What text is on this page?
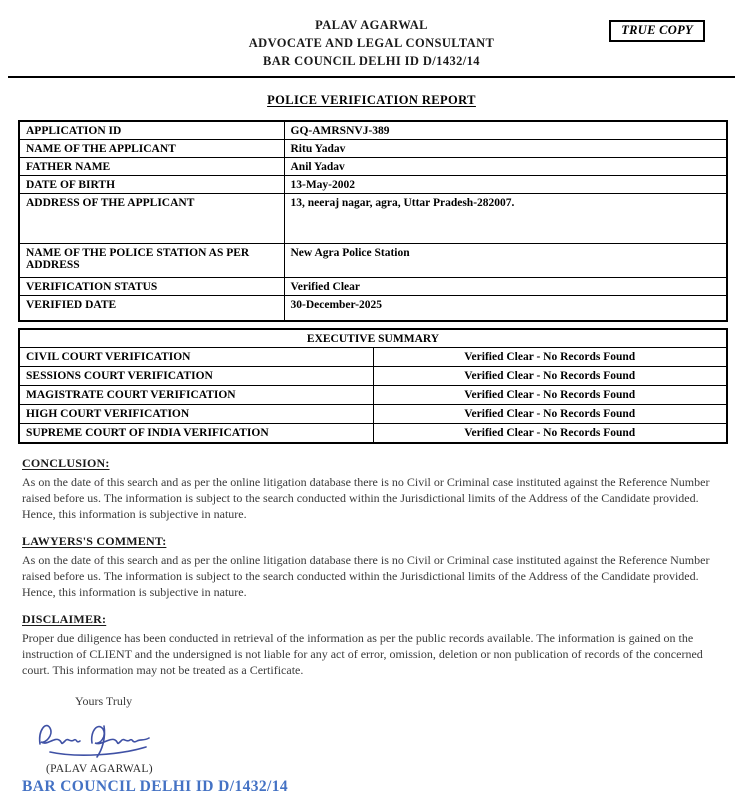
PALAV AGARWAL
ADVOCATE AND LEGAL CONSULTANT
BAR COUNCIL DELHI ID D/1432/14
TRUE COPY
POLICE VERIFICATION REPORT
APPLICATION ID	GQ-AMRSNVJ-389
NAME OF THE APPLICANT	Ritu Yadav
FATHER NAME	Anil Yadav
DATE OF BIRTH	13-May-2002
ADDRESS OF THE APPLICANT	13, neeraj nagar, agra, Uttar Pradesh-282007.
NAME OF THE POLICE STATION AS PER ADDRESS	New Agra Police Station
VERIFICATION STATUS	Verified Clear
VERIFIED DATE	30-December-2025
EXECUTIVE SUMMARY	
CIVIL COURT VERIFICATION	Verified Clear - No Records Found
SESSIONS COURT VERIFICATION	Verified Clear - No Records Found
MAGISTRATE COURT VERIFICATION	Verified Clear - No Records Found
HIGH COURT VERIFICATION	Verified Clear - No Records Found
SUPREME COURT OF INDIA VERIFICATION	Verified Clear - No Records Found
CONCLUSION:
As on the date of this search and as per the online litigation database there is no Civil or Criminal case instituted against the Reference Number raised before us. The information is subject to the search conducted within the Jurisdictional limits of the Address of the Candidate provided. Hence, this information is subjective in nature.
LAWYERS'S COMMENT:
As on the date of this search and as per the online litigation database there is no Civil or Criminal case instituted against the Reference Number raised before us. The information is subject to the search conducted within the Jurisdictional limits of the Address of the Candidate provided. Hence, this information is subjective in nature.
DISCLAIMER:
Proper due diligence has been conducted in retrieval of the information as per the public records available. The information is gained on the instruction of CLIENT and the undersigned is not liable for any act of error, omission, deletion or non publication of records of the concerned court. This information may not be treated as a Certificate.
Yours Truly
(PALAV AGARWAL)
BAR COUNCIL DELHI ID D/1432/14
